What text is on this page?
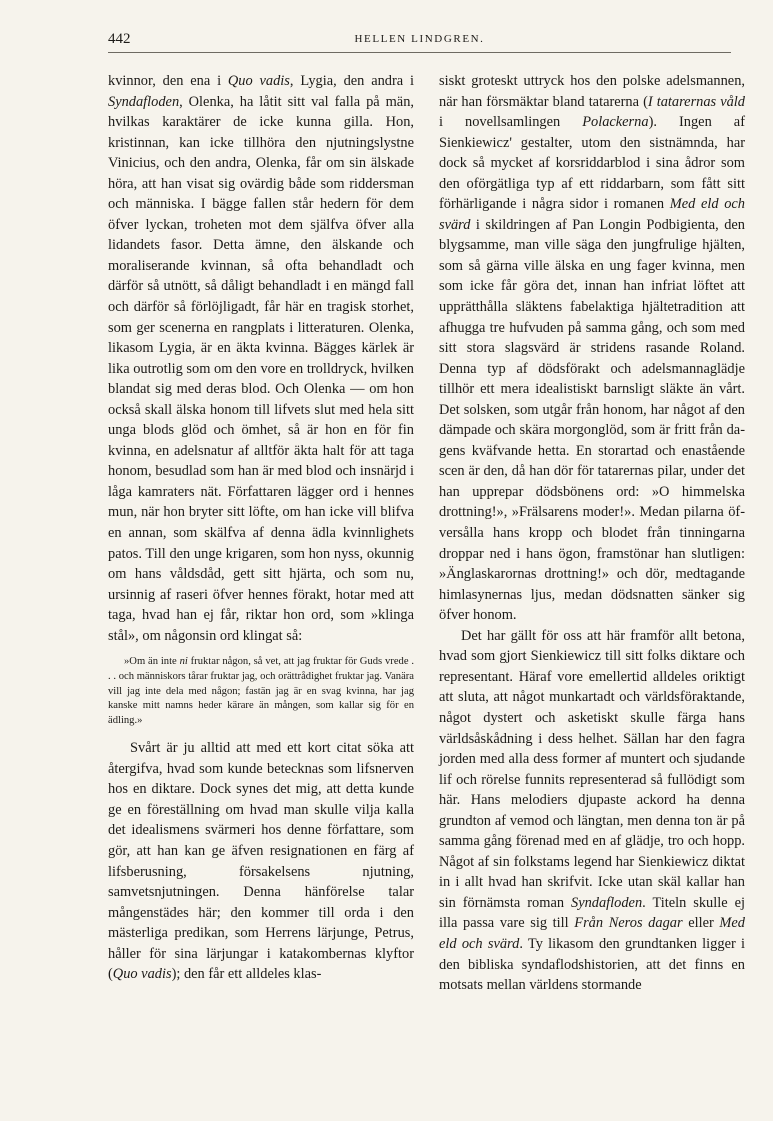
442	HELLEN LINDGREN.

kvinnor, den ena i Quo vadis, Lygia, den andra i Syndafloden, Olenka, ha låtit sitt val falla på män, hvilkas karaktärer de icke kunna gilla. Hon, kristinnan, kan icke tillhöra den njutningslystne Vinicius, och den andra, Olenka, får om sin älskade höra, att han visat sig ovärdig både som riddersman och människa. I bägge fallen står hedern för dem öfver lyckan, troheten mot dem själfva öfver alla lidandets fasor. Detta ämne, den älskande och moraliserande kvinnan, så ofta behandladt och därför så utnött, så dåligt behandladt i en mängd fall och därför så förlöjligadt, får här en tragisk storhet, som ger scenerna en rangplats i litteraturen. Olenka, likasom Lygia, är en äkta kvinna. Bägges kärlek är lika outrotlig som om den vore en trolldryck, hvilken blandat sig med deras blod. Och Olenka — om hon också skall älska honom till lifvets slut med hela sitt unga blods glöd och ömhet, så är hon en för fin kvinna, en adelsnatur af alltför äkta halt för att taga honom, besudlad som han är med blod och insnärjd i låga kamraters nät. Författaren lägger ord i hennes mun, när hon bryter sitt löfte, om han icke vill blifva en annan, som skälfva af denna ädla kvinnlighets patos. Till den unge krigaren, som hon nyss, okunnig om hans våldsdåd, gett sitt hjärta, och som nu, ursinnig af raseri öfver hennes förakt, hotar med att taga, hvad han ej får, riktar hon ord, som »klinga stål», om någonsin ord klingat så:

»Om än inte ni fruktar någon, så vet, att jag fruktar för Guds vrede . . . och människors tårar fruktar jag, och orättrådighet fruktar jag. Vanära vill jag inte dela med någon; fastän jag är en svag kvinna, har jag kanske mitt namns heder kärare än mången, som kallar sig för en ädling.»

Svårt är ju alltid att med ett kort citat söka att återgifva, hvad som kunde betecknas som lifsnerven hos en diktare. Dock synes det mig, att detta kunde ge en föreställning om hvad man skulle vilja kalla det idealismens svärmeri hos denne författare, som gör, att han kan ge äfven resignationen en färg af lifsberusning, försakelsens njutning, samvetsnjutningen. Denna hänförelse talar mångenstädes här; den kommer till orda i den mästerliga predikan, som Herrens lärjunge, Petrus, håller för sina lärjungar i katakombernas klyftor (Quo vadis); den får ett alldeles klas-

siskt groteskt uttryck hos den polske adelsmannen, när han försmäktar bland tatarerna (I tatarernas våld i novellsamlingen Polackerna). Ingen af Sienkiewicz' gestalter, utom den sistnämnda, har dock så mycket af korsriddarblod i sina ådror som den oförgätliga typ af ett riddarbarn, som fått sitt förhärligande i några sidor i romanen Med eld och svärd i skildringen af Pan Longin Podbigienta, den blygsamme, man ville säga den jungfrulige hjälten, som så gärna ville älska en ung fager kvinna, men som icke får göra det, innan han infriat löftet att upprätthålla släktens fabelaktiga hjältetradition att afhugga tre hufvuden på samma gång, och som med sitt stora slagsvärd är stridens rasande Roland. Denna typ af dödsförakt och adelsmannaglädje tillhör ett mera idealistiskt barnsligt släkte än vårt. Det solsken, som utgår från honom, har något af den dämpade och skära morgonglöd, som är fritt från dagens kväfvande hetta. En storartad och enastående scen är den, då han dör för tatarernas pilar, under det han upprepar dödsbönens ord: »O himmelska drottning!», »Frälsarens moder!». Medan pilarna öfversålla hans kropp och blodet från tinningarna droppar ned i hans ögon, framstönar han slutligen: »Änglaskarornas drottning!» och dör, medtagande himlasynernas ljus, medan dödsnatten sänker sig öfver honom.

Det har gällt för oss att här framför allt betona, hvad som gjort Sienkiewicz till sitt folks diktare och representant. Häraf vore emellertid alldeles oriktigt att sluta, att något munkartadt och världsföraktande, något dystert och asketiskt skulle färga hans världsåskådning i dess helhet. Sällan har den fagra jorden med alla dess former af muntert och sjudande lif och rörelse funnits representerad så fullödigt som här. Hans melodiers djupaste ackord ha denna grundton af vemod och längtan, men denna ton är på samma gång förenad med en af glädje, tro och hopp. Något af sin folkstams legend har Sienkiewicz diktat in i allt hvad han skrifvit. Icke utan skäl kallar han sin förnämsta roman Syndafloden. Titeln skulle ej illa passa vare sig till Från Neros dagar eller Med eld och svärd. Ty likasom den grundtanken ligger i den bibliska syndaflodshistorien, att det finns en motsats mellan världens stormande
